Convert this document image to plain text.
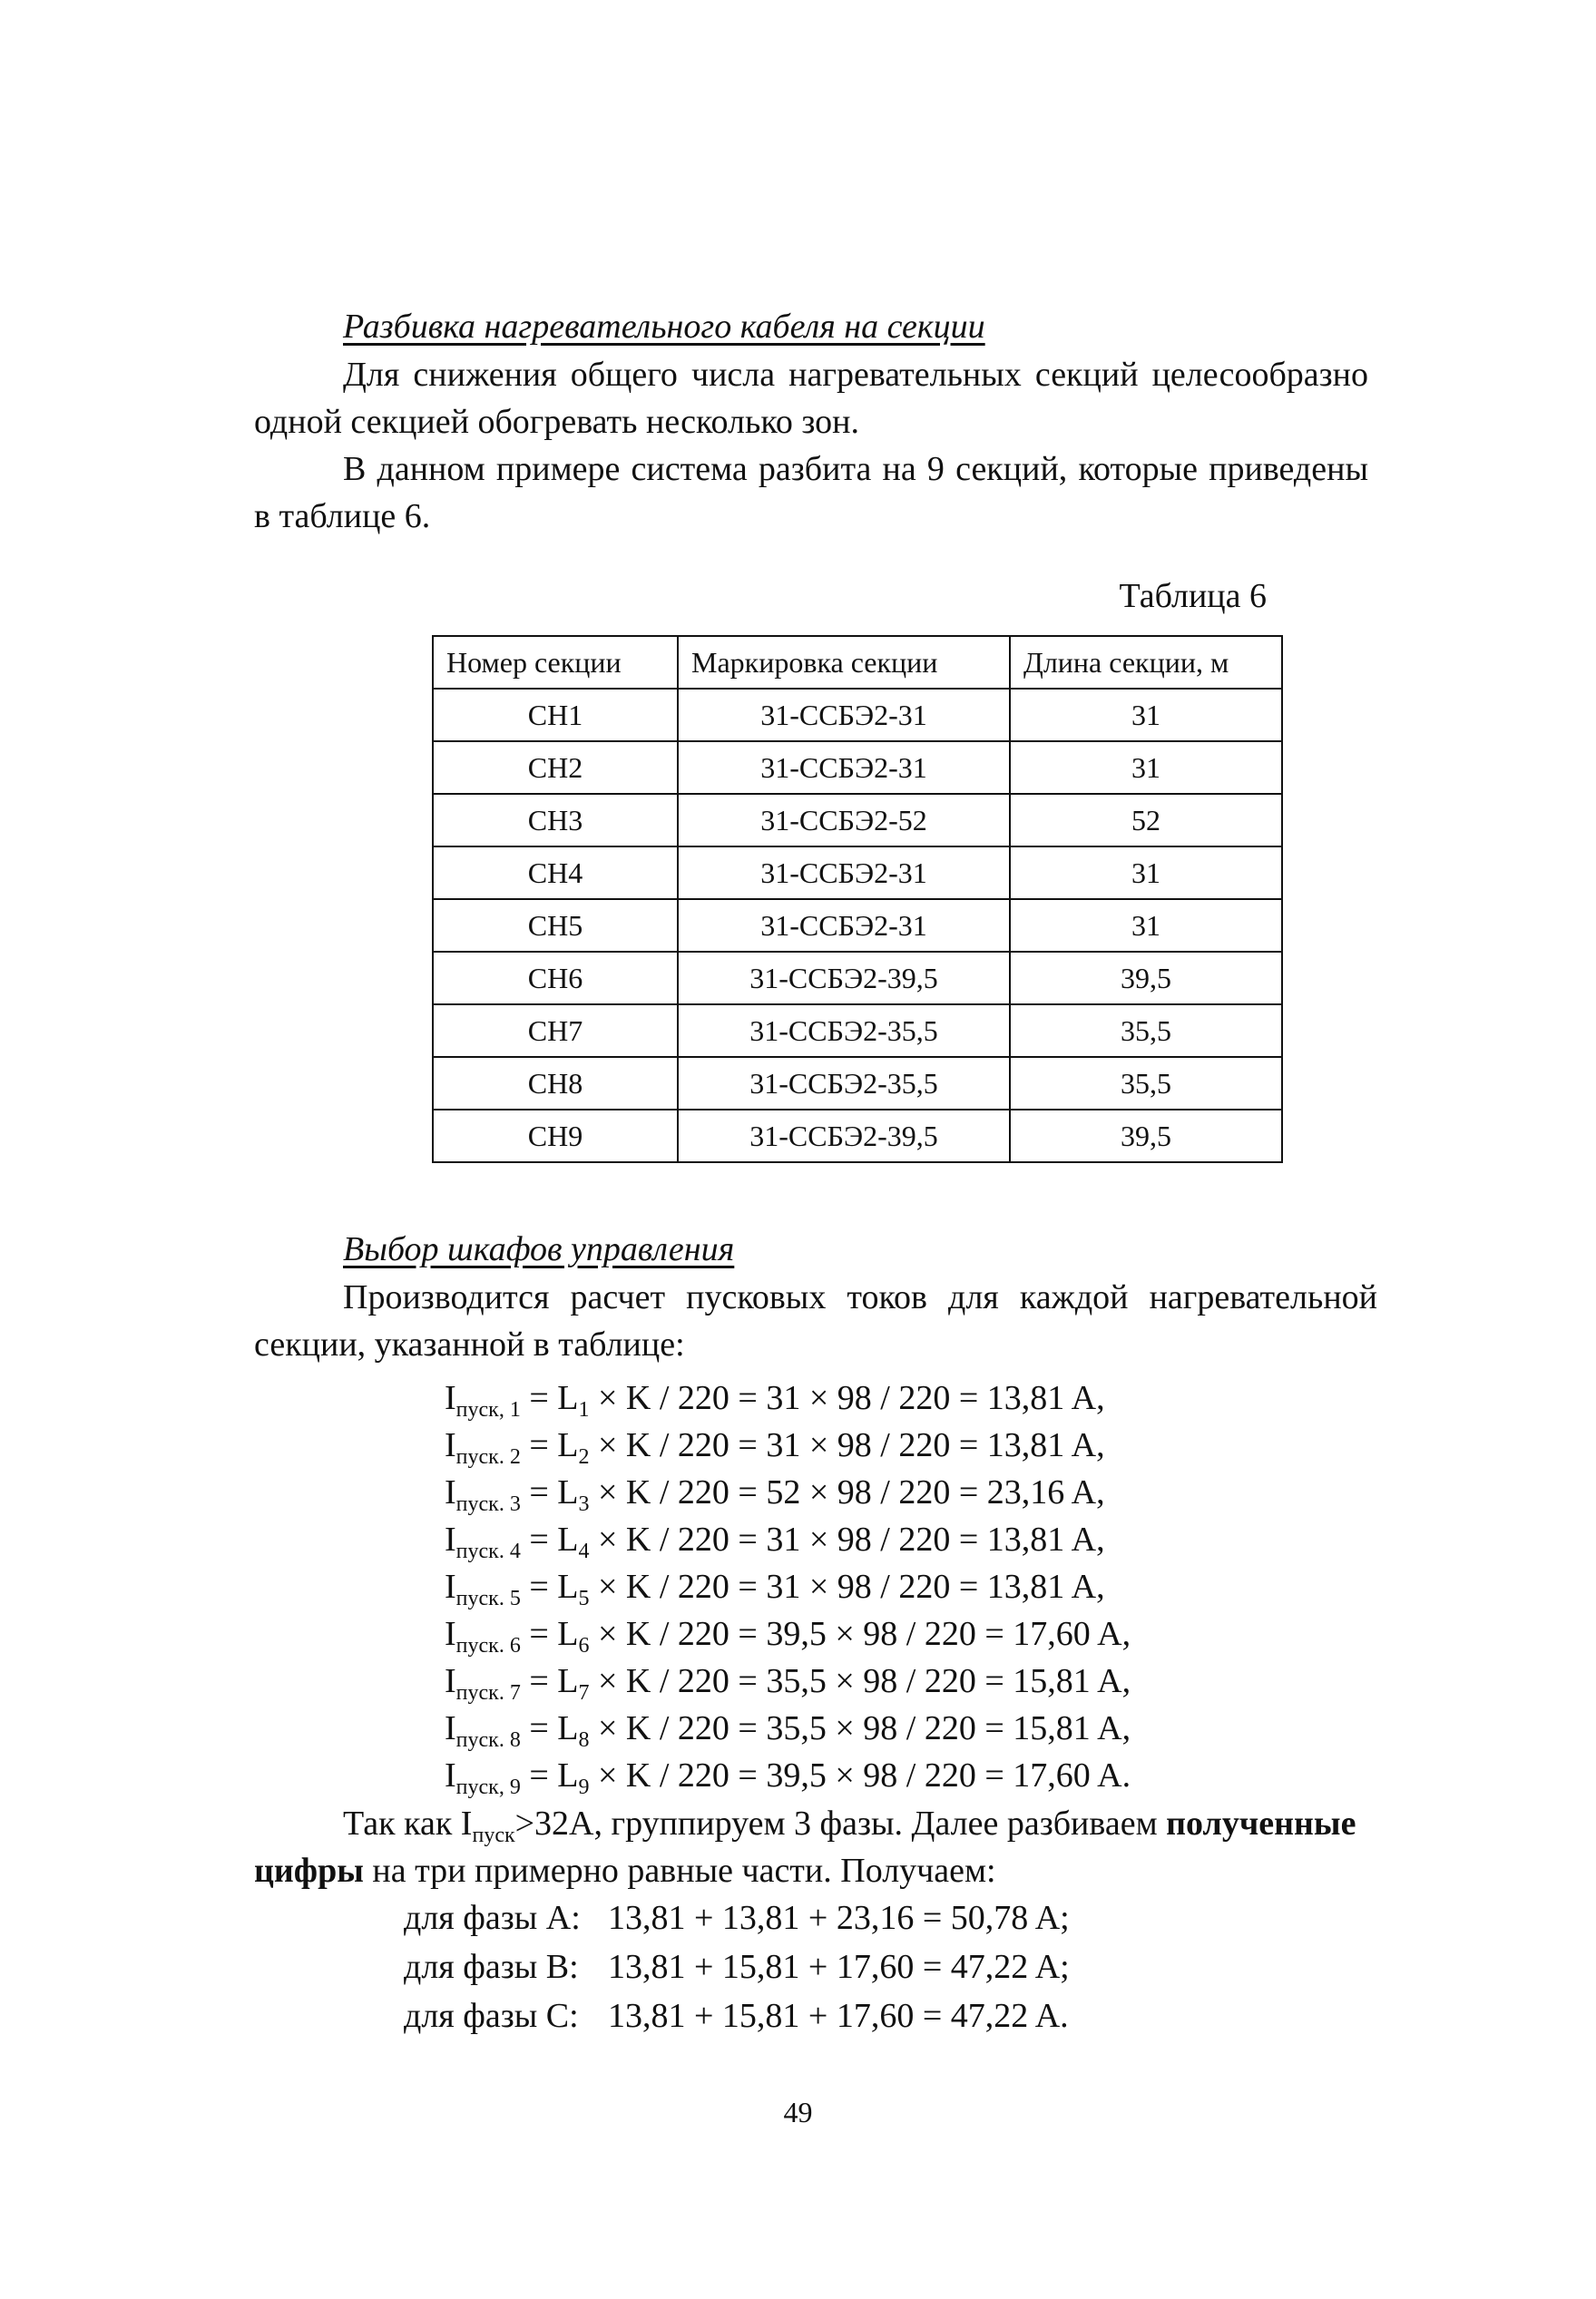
Разбивка нагревательного кабеля на секции
Для снижения общего числа нагревательных секций целесообразно
одной секцией обогревать несколько зон.
В данном примере система разбита на 9 секций, которые приведены
в таблице 6.
Таблица 6
Номер секции	Маркировка секции	Длина секции, м
СН1	31-ССБЭ2-31	31
СН2	31-ССБЭ2-31	31
СН3	31-ССБЭ2-52	52
СН4	31-ССБЭ2-31	31
СН5	31-ССБЭ2-31	31
СН6	31-ССБЭ2-39,5	39,5
СН7	31-ССБЭ2-35,5	35,5
СН8	31-ССБЭ2-35,5	35,5
СН9	31-ССБЭ2-39,5	39,5
Выбор шкафов управления
Производится расчет пусковых токов для каждой нагревательной
секции, указанной в таблице:
$I_{пуск, 1} = L_1 \times K / 220 = 31 \times 98 / 220 = 13,81$ A,
$I_{пуск. 2} = L_2 \times K / 220 = 31 \times 98 / 220 = 13,81$ A,
$I_{пуск. 3} = L_3 \times K / 220 = 52 \times 98 / 220 = 23,16$ A,
$I_{пуск. 4} = L_4 \times K / 220 = 31 \times 98 / 220 = 13,81$ A,
$I_{пуск. 5} = L_5 \times K / 220 = 31 \times 98 / 220 = 13,81$ A,
$I_{пуск. 6} = L_6 \times K / 220 = 39,5 \times 98 / 220 = 17,60$ A,
$I_{пуск. 7} = L_7 \times K / 220 = 35,5 \times 98 / 220 = 15,81$ A,
$I_{пуск. 8} = L_8 \times K / 220 = 35,5 \times 98 / 220 = 15,81$ A,
$I_{пуск, 9} = L_9 \times K / 220 = 39,5 \times 98 / 220 = 17,60$ A.
Так как $I_{пуск}>32A$, группируем 3 фазы. Далее разбиваем полученные
цифры на три примерно равные части. Получаем:
для фазы A: 13,81 + 13,81 + 23,16 = 50,78 A;
для фазы B: 13,81 + 15,81 + 17,60 = 47,22 A;
для фазы C: 13,81 + 15,81 + 17,60 = 47,22 A.
49
